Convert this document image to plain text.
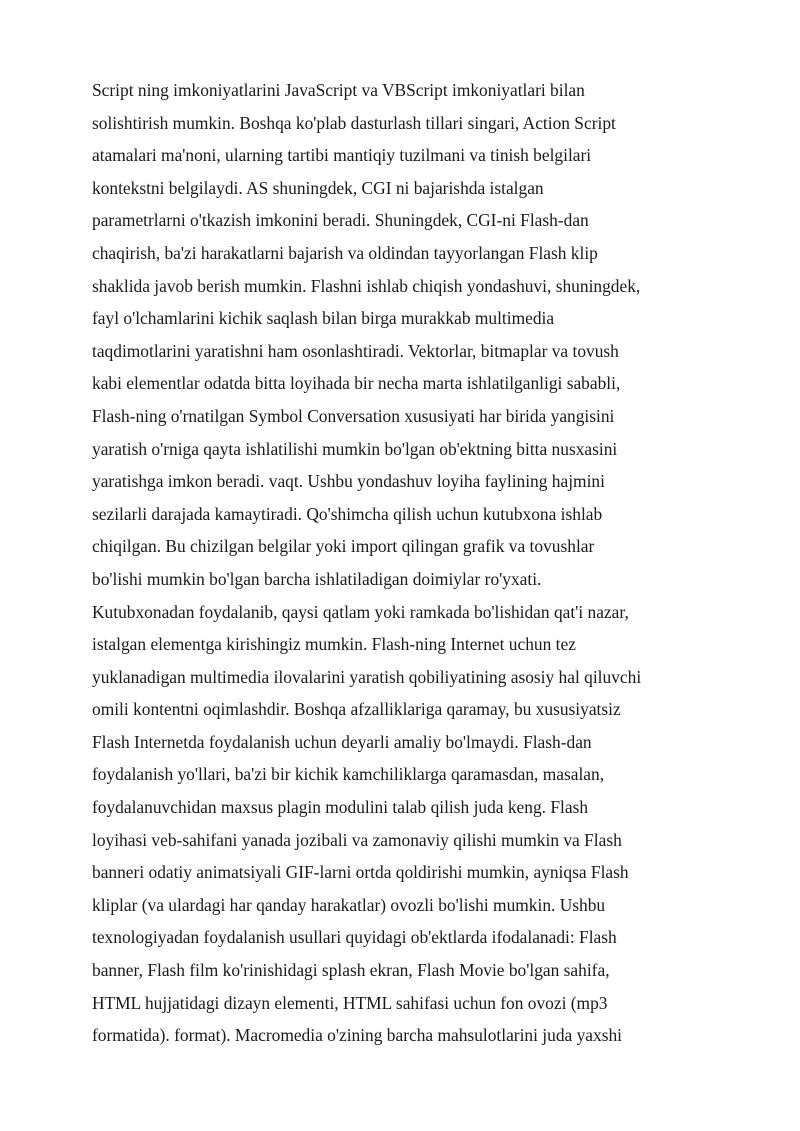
Script ning imkoniyatlarini JavaScript va VBScript imkoniyatlari bilan
solishtirish mumkin. Boshqa ko'plab dasturlash tillari singari, Action Script
atamalari ma'noni, ularning tartibi mantiqiy tuzilmani va tinish belgilari
kontekstni belgilaydi. AS shuningdek, CGI ni bajarishda istalgan
parametrlarni o'tkazish imkonini beradi. Shuningdek, CGI-ni Flash-dan
chaqirish, ba'zi harakatlarni bajarish va oldindan tayyorlangan Flash klip
shaklida javob berish mumkin. Flashni ishlab chiqish yondashuvi, shuningdek,
fayl o'lchamlarini kichik saqlash bilan birga murakkab multimedia
taqdimotlarini yaratishni ham osonlashtiradi. Vektorlar, bitmaplar va tovush
kabi elementlar odatda bitta loyihada bir necha marta ishlatilganligi sababli,
Flash-ning o'rnatilgan Symbol Conversation xususiyati har birida yangisini
yaratish o'rniga qayta ishlatilishi mumkin bo'lgan ob'ektning bitta nusxasini
yaratishga imkon beradi. vaqt. Ushbu yondashuv loyiha faylining hajmini
sezilarli darajada kamaytiradi. Qo'shimcha qilish uchun kutubxona ishlab
chiqilgan. Bu chizilgan belgilar yoki import qilingan grafik va tovushlar
bo'lishi mumkin bo'lgan barcha ishlatiladigan doimiylar ro'yxati.
Kutubxonadan foydalanib, qaysi qatlam yoki ramkada bo'lishidan qat'i nazar,
istalgan elementga kirishingiz mumkin. Flash-ning Internet uchun tez
yuklanadigan multimedia ilovalarini yaratish qobiliyatining asosiy hal qiluvchi
omili kontentni oqimlashdir. Boshqa afzalliklariga qaramay, bu xususiyatsiz
Flash Internetda foydalanish uchun deyarli amaliy bo'lmaydi. Flash-dan
foydalanish yo'llari, ba'zi bir kichik kamchiliklarga qaramasdan, masalan,
foydalanuvchidan maxsus plagin modulini talab qilish juda keng. Flash
loyihasi veb-sahifani yanada jozibali va zamonaviy qilishi mumkin va Flash
banneri odatiy animatsiyali GIF-larni ortda qoldirishi mumkin, ayniqsa Flash
kliplar (va ulardagi har qanday harakatlar) ovozli bo'lishi mumkin. Ushbu
texnologiyadan foydalanish usullari quyidagi ob'ektlarda ifodalanadi: Flash
banner, Flash film ko'rinishidagi splash ekran, Flash Movie bo'lgan sahifa,
HTML hujjatidagi dizayn elementi, HTML sahifasi uchun fon ovozi (mp3
formatida). format). Macromedia o'zining barcha mahsulotlarini juda yaxshi
